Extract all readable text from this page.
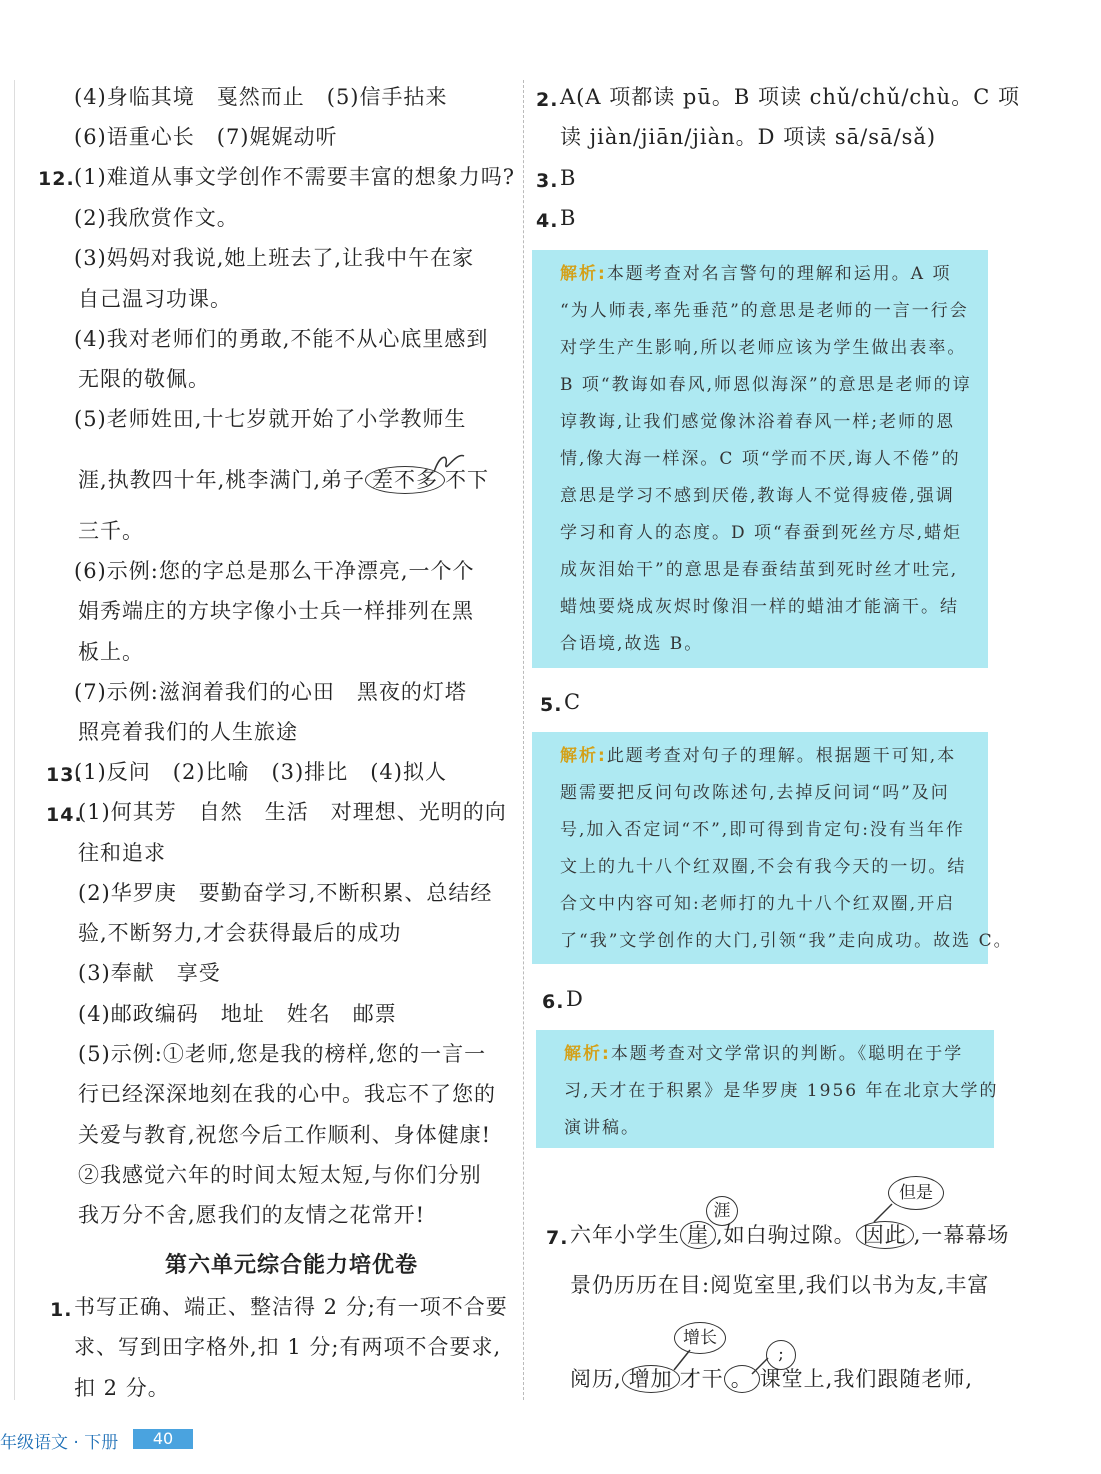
(4)身临其境　戛然而止　(5)信手拈来
(6)语重心长　(7)娓娓动听
12. (1)难道从事文学创作不需要丰富的想象力吗?
(2)我欣赏作文。
(3)妈妈对我说,她上班去了,让我中午在家
自己温习功课。
(4)我对老师们的勇敢,不能不从心底里感到
无限的敬佩。
(5)老师姓田,十七岁就开始了小学教师生
涯,执教四十年,桃李满门,弟子 差不多 不下
三千。
(6)示例:您的字总是那么干净漂亮,一个个
娟秀端庄的方块字像小士兵一样排列在黑
板上。
(7)示例:滋润着我们的心田　黑夜的灯塔
照亮着我们的人生旅途
13.
(1)反问　(2)比喻　(3)排比　(4)拟人
14.
(1)何其芳　自然　生活　对理想、光明的向
往和追求
(2)华罗庚　要勤奋学习,不断积累、总结经
验,不断努力,才会获得最后的成功
(3)奉献　享受
(4)邮政编码　地址　姓名　邮票
(5)示例:①老师,您是我的榜样,您的一言一
行已经深深地刻在我的心中。我忘不了您的
关爱与教育,祝您今后工作顺利、身体健康!
②我感觉六年的时间太短太短,与你们分别
我万分不舍,愿我们的友情之花常开!
第六单元综合能力培优卷
1. 书写正确、端正、整洁得 2 分;有一项不合要
求、写到田字格外,扣 1 分;有两项不合要求,
扣 2 分。
2. A(A 项都读 pū。B 项读 chǔ/chǔ/chù。C 项
读 jiàn/jiān/jiàn。D 项读 sā/sā/sǎ)
3. B
4. B
解析:本题考查对名言警句的理解和运用。A 项
“为人师表,率先垂范”的意思是老师的一言一行会
对学生产生影响,所以老师应该为学生做出表率。
B 项“教诲如春风,师恩似海深”的意思是老师的谆
谆教诲,让我们感觉像沐浴着春风一样;老师的恩
情,像大海一样深。C 项“学而不厌,诲人不倦”的
意思是学习不感到厌倦,教诲人不觉得疲倦,强调
学习和育人的态度。D 项“春蚕到死丝方尽,蜡炬
成灰泪始干”的意思是春蚕结茧到死时丝才吐完,
蜡烛要烧成灰烬时像泪一样的蜡油才能滴干。结
合语境,故选 B。
5. C
解析:此题考查对句子的理解。根据题干可知,本
题需要把反问句改陈述句,去掉反问词“吗”及问
号,加入否定词“不”,即可得到肯定句:没有当年作
文上的九十八个红双圈,不会有我今天的一切。结
合文中内容可知:老师打的九十八个红双圈,开启
了“我”文学创作的大门,引领“我”走向成功。故选 C。
6. D
解析:本题考查对文学常识的判断。《聪明在于学
习,天才在于积累》是华罗庚 1956 年在北京大学的
演讲稿。
涯
但是
7. 六年小学生 崖 ,如白驹过隙。 因此 ,一幕幕场
景仍历历在目:阅览室里,我们以书为友,丰富
增长
;
阅历, 增加 才干 。 课堂上,我们跟随老师,
年级语文 · 下册	40
